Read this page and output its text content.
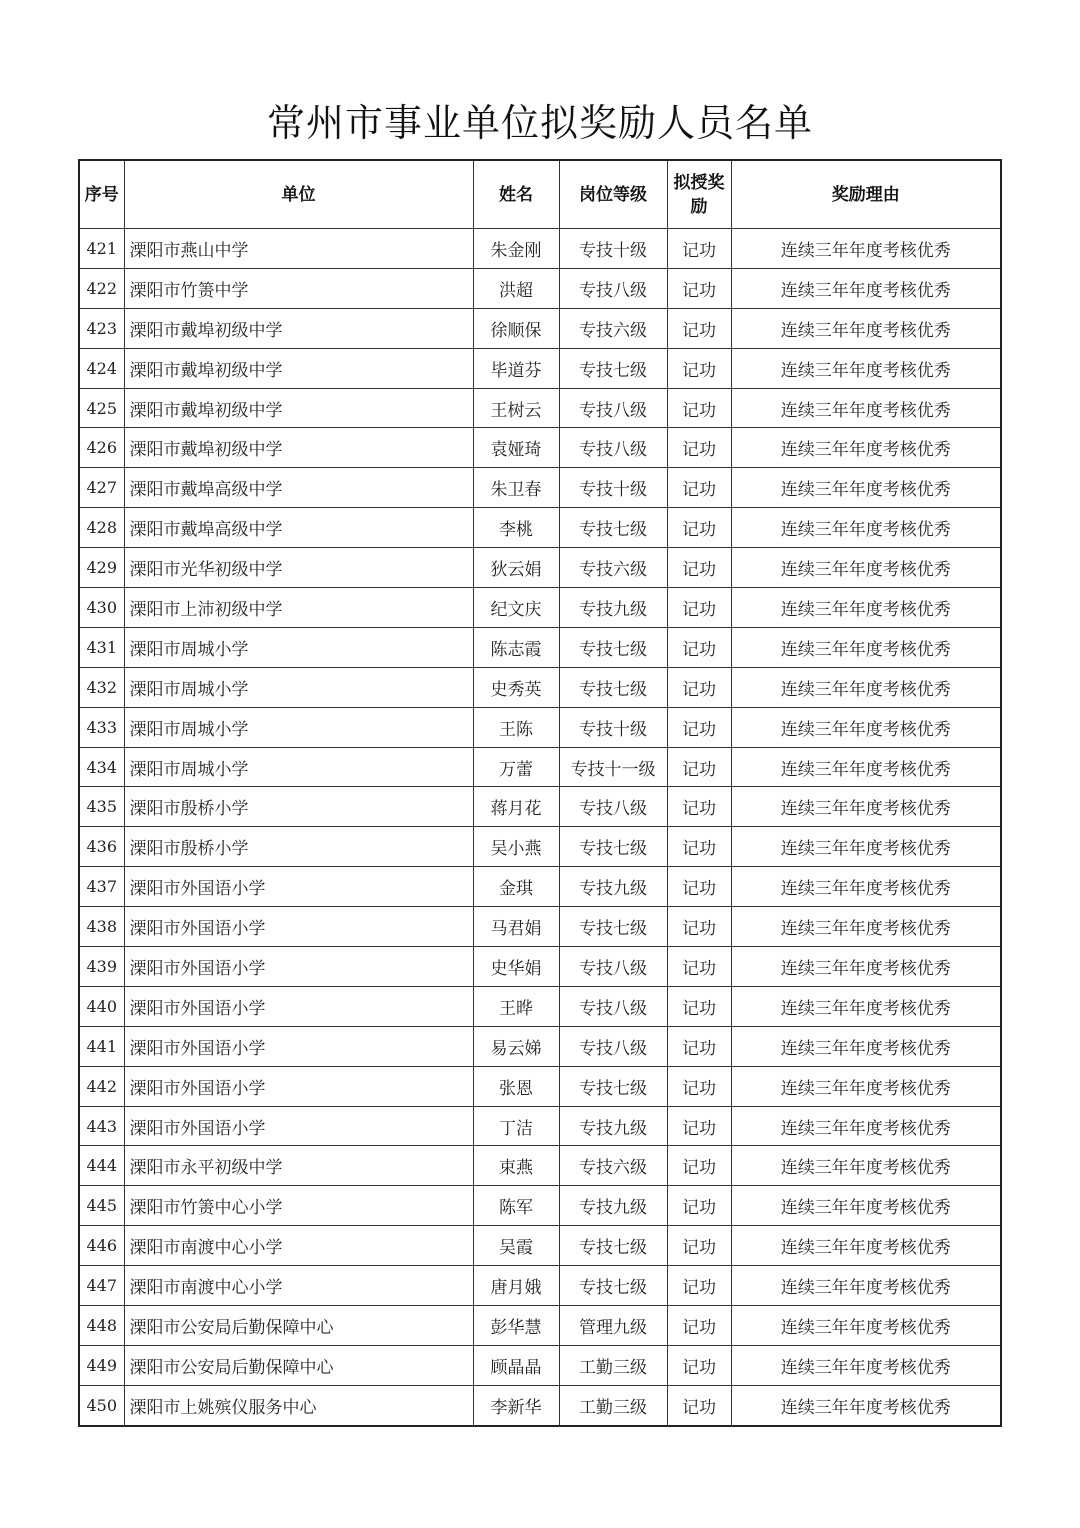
常州市事业单位拟奖励人员名单
序号	单位	姓名	岗位等级	拟授奖励	奖励理由
421	溧阳市燕山中学	朱金刚	专技十级	记功	连续三年年度考核优秀
422	溧阳市竹箦中学	洪超	专技八级	记功	连续三年年度考核优秀
423	溧阳市戴埠初级中学	徐顺保	专技六级	记功	连续三年年度考核优秀
424	溧阳市戴埠初级中学	毕道芬	专技七级	记功	连续三年年度考核优秀
425	溧阳市戴埠初级中学	王树云	专技八级	记功	连续三年年度考核优秀
426	溧阳市戴埠初级中学	袁娅琦	专技八级	记功	连续三年年度考核优秀
427	溧阳市戴埠高级中学	朱卫春	专技十级	记功	连续三年年度考核优秀
428	溧阳市戴埠高级中学	李桃	专技七级	记功	连续三年年度考核优秀
429	溧阳市光华初级中学	狄云娟	专技六级	记功	连续三年年度考核优秀
430	溧阳市上沛初级中学	纪文庆	专技九级	记功	连续三年年度考核优秀
431	溧阳市周城小学	陈志霞	专技七级	记功	连续三年年度考核优秀
432	溧阳市周城小学	史秀英	专技七级	记功	连续三年年度考核优秀
433	溧阳市周城小学	王陈	专技十级	记功	连续三年年度考核优秀
434	溧阳市周城小学	万蕾	专技十一级	记功	连续三年年度考核优秀
435	溧阳市殷桥小学	蒋月花	专技八级	记功	连续三年年度考核优秀
436	溧阳市殷桥小学	吴小燕	专技七级	记功	连续三年年度考核优秀
437	溧阳市外国语小学	金琪	专技九级	记功	连续三年年度考核优秀
438	溧阳市外国语小学	马君娟	专技七级	记功	连续三年年度考核优秀
439	溧阳市外国语小学	史华娟	专技八级	记功	连续三年年度考核优秀
440	溧阳市外国语小学	王晔	专技八级	记功	连续三年年度考核优秀
441	溧阳市外国语小学	易云娣	专技八级	记功	连续三年年度考核优秀
442	溧阳市外国语小学	张恩	专技七级	记功	连续三年年度考核优秀
443	溧阳市外国语小学	丁洁	专技九级	记功	连续三年年度考核优秀
444	溧阳市永平初级中学	束燕	专技六级	记功	连续三年年度考核优秀
445	溧阳市竹箦中心小学	陈军	专技九级	记功	连续三年年度考核优秀
446	溧阳市南渡中心小学	吴霞	专技七级	记功	连续三年年度考核优秀
447	溧阳市南渡中心小学	唐月娥	专技七级	记功	连续三年年度考核优秀
448	溧阳市公安局后勤保障中心	彭华慧	管理九级	记功	连续三年年度考核优秀
449	溧阳市公安局后勤保障中心	顾晶晶	工勤三级	记功	连续三年年度考核优秀
450	溧阳市上姚殡仪服务中心	李新华	工勤三级	记功	连续三年年度考核优秀
